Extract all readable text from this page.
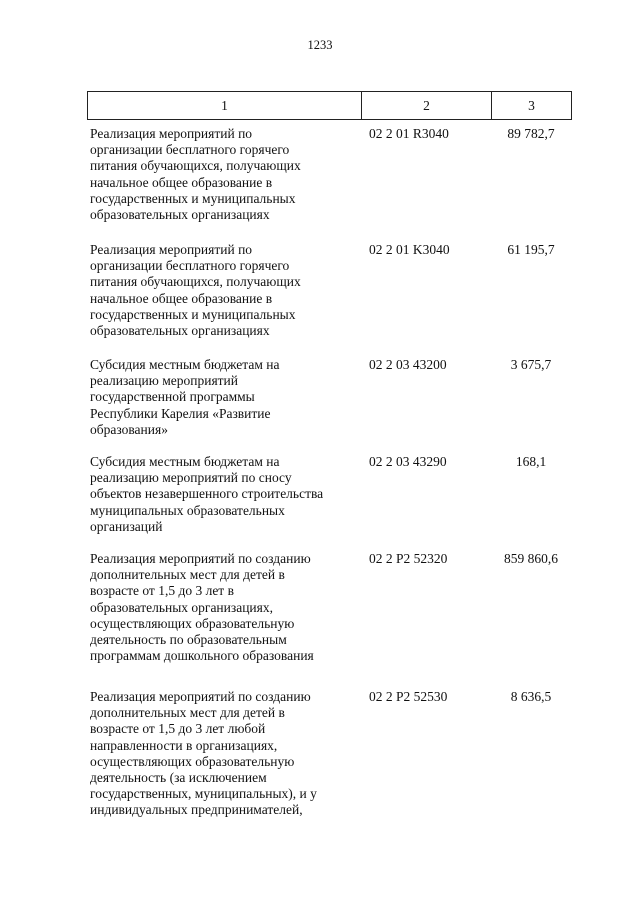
1233
1	2	3
Реализация мероприятий по
организации бесплатного горячего
питания обучающихся, получающих
начальное общее образование в
государственных и муниципальных
образовательных организациях
02 2 01 R3040	89 782,7
Реализация мероприятий по
организации бесплатного горячего
питания обучающихся, получающих
начальное общее образование в
государственных и муниципальных
образовательных организациях
02 2 01 K3040	61 195,7
Субсидия местным бюджетам на
реализацию мероприятий
государственной программы
Республики Карелия «Развитие
образования»
02 2 03 43200	3 675,7
Субсидия местным бюджетам на
реализацию мероприятий по сносу
объектов незавершенного строительства
муниципальных образовательных
организаций
02 2 03 43290	168,1
Реализация мероприятий по созданию
дополнительных мест для детей в
возрасте от 1,5 до 3 лет в
образовательных организациях,
осуществляющих образовательную
деятельность по образовательным
программам дошкольного образования
02 2 P2 52320	859 860,6
Реализация мероприятий по созданию
дополнительных мест для детей в
возрасте от 1,5 до 3 лет любой
направленности в организациях,
осуществляющих образовательную
деятельность (за исключением
государственных, муниципальных), и у
индивидуальных предпринимателей,
02 2 P2 52530	8 636,5
